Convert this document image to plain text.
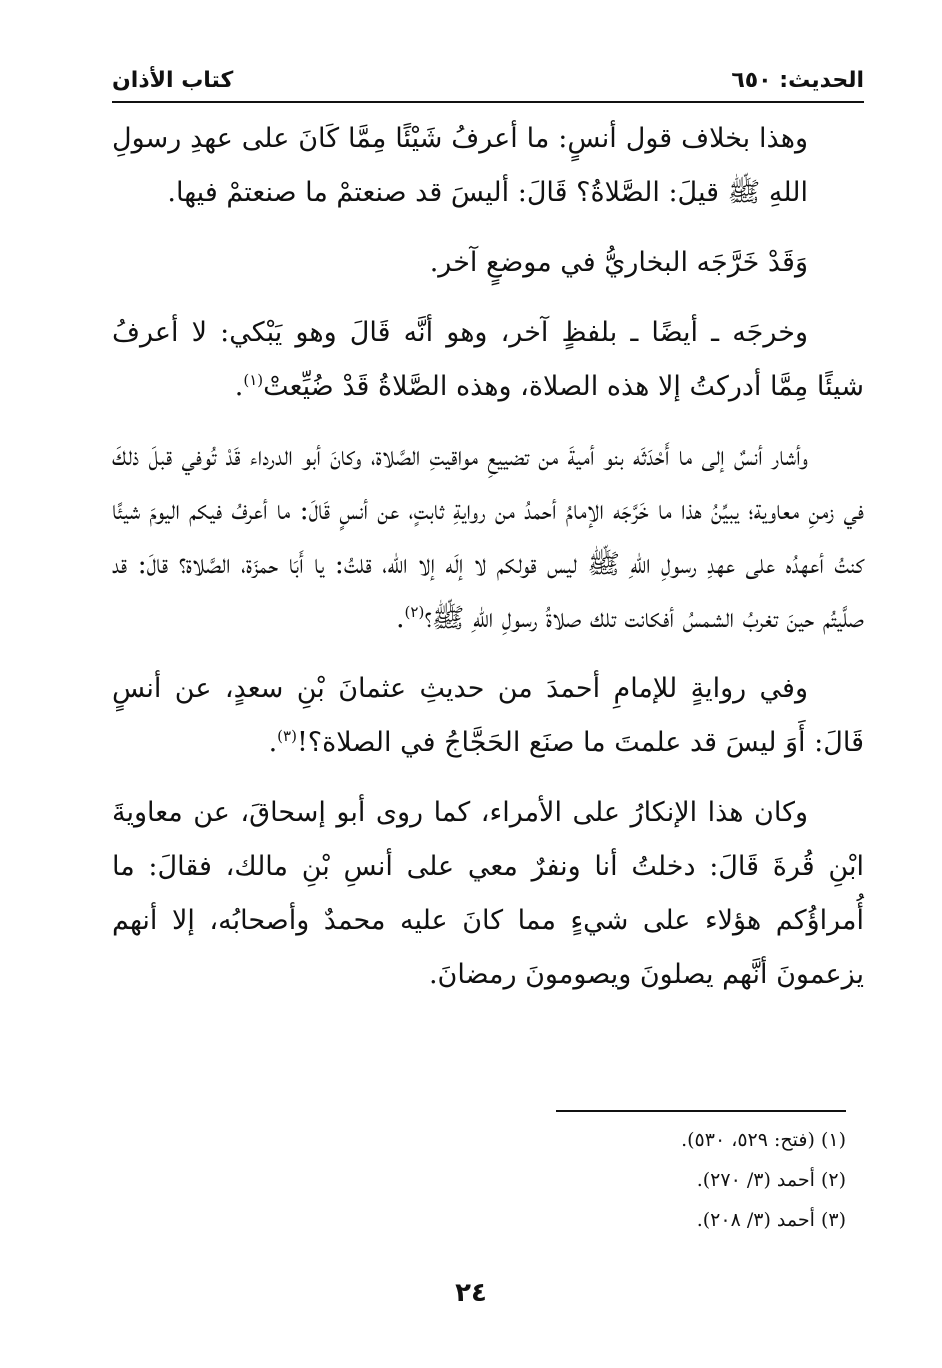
الحديث: ٦٥٠
كتاب الأذان

وهذا بخلاف قول أنسٍ: ما أعرفُ شَيْئًا مِمَّا كَانَ على عهدِ رسولِ اللهِ ﷺ قيلَ: الصَّلاةُ؟ قَالَ: أليسَ قد صنعتمْ ما صنعتمْ فيها.

وَقَدْ خَرَّجَه البخاريُّ في موضعٍ آخر.

وخرجَه ـ أيضًا ـ بلفظٍ آخر، وهو أنَّه قَالَ وهو يَبْكي: لا أعرفُ شيئًا مِمَّا أدركتُ إلا هذه الصلاة، وهذه الصَّلاةُ قَدْ ضُيِّعتْ$^{(١)}$.

وأشار أنسٌ إلى ما أَحْدَثَه بنو أميةَ من تضييعِ مواقيتِ الصَّلاة، وكانَ أبو الدرداء قَدْ تُوفي قبلَ ذلكَ في زمنِ معاوية؛ يبيِّنُ هذا ما خَرَّجَه الإمامُ أحمدُ من روايةِ ثابتٍ، عن أنسٍ قَالَ: ما أعرفُ فيكم اليومَ شيئًا كنتُ أعهدُه على عهدِ رسولِ اللهِ ﷺ ليس قولكم لا إلَه إلا الله، قلتُ: يا أَبَا حمزَة، الصَّلاة؟ قالَ: قد صلَّيتُم حينَ تغربُ الشمسُ أفكانت تلك صلاةُ رسولِ اللهِ ﷺ؟$^{(٢)}$.

وفي روايةٍ للإمامِ أحمدَ من حديثِ عثمانَ بْنِ سعدٍ، عن أنسٍ قَالَ: أَوَ ليسَ قد علمتَ ما صنَع الحَجَّاجُ في الصلاة؟!$^{(٣)}$.

وكان هذا الإنكارُ على الأمراء، كما روى أبو إسحاقَ، عن معاويةَ ابْنِ قُرةَ قَالَ: دخلتُ أنا ونفرٌ معي على أنسِ بْنِ مالك، فقالَ: ما أُمراؤُكم هؤلاء على شيءٍ مما كانَ عليه محمدٌ وأصحابُه، إلا أنهم يزعمونَ أنَّهم يصلونَ ويصومونَ رمضانَ.

(١) (فتح: ٥٢٩، ٥٣٠).

(٢) أحمد (٣/ ٢٧٠).

(٣) أحمد (٣/ ٢٠٨).

٢٤
